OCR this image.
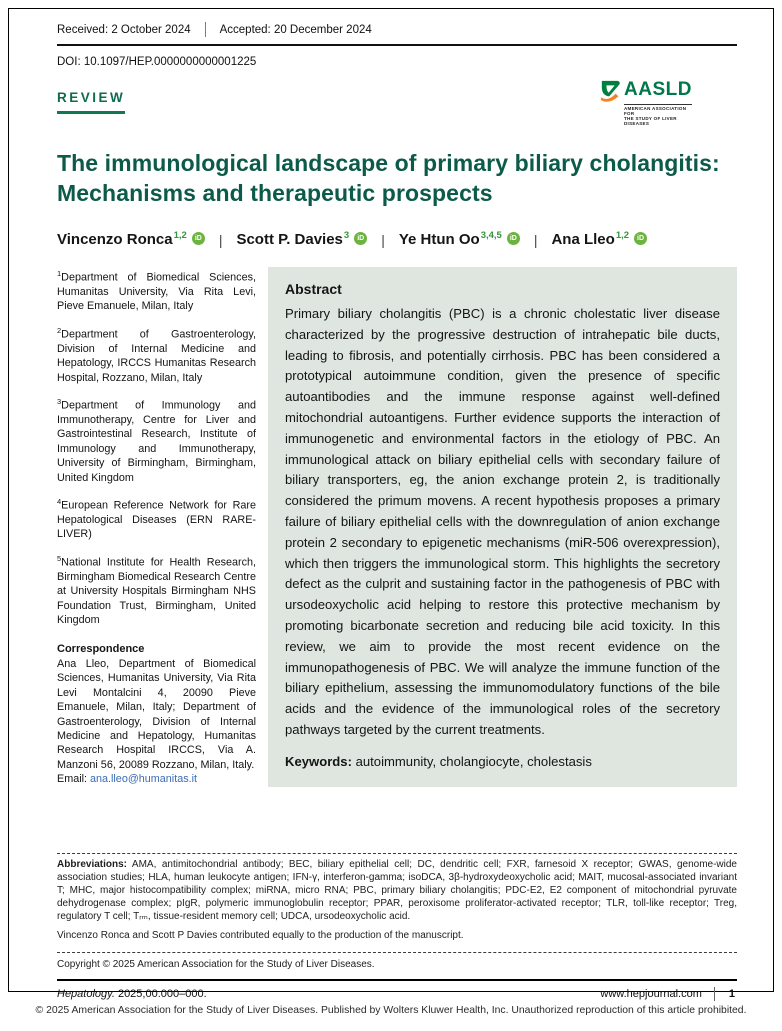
Received: 2 October 2024	Accepted: 20 December 2024
DOI: 10.1097/HEP.0000000000001225
REVIEW	AASLD
AMERICAN ASSOCIATION FOR
THE STUDY OF LIVER DISEASES
The immunological landscape of primary biliary cholangitis:
Mechanisms and therapeutic prospects
Vincenzo Ronca$^{1,2}$	iD | Scott P. Davies$^3$	iD | Ye Htun Oo$^{3,4,5}$	iD | Ana Lleo$^{1,2}$	iD

$^1$Department of Biomedical Sciences, Humanitas University, Via Rita Levi, Pieve Emanuele, Milan, Italy

$^2$Department of Gastroenterology, Division of Internal Medicine and Hepatology, IRCCS Humanitas Research Hospital, Rozzano, Milan, Italy

$^3$Department of Immunology and Immunotherapy, Centre for Liver and Gastrointestinal Research, Institute of Immunology and Immunotherapy, University of Birmingham, Birmingham, United Kingdom

$^4$European Reference Network for Rare Hepatological Diseases (ERN RARE-LIVER)

$^5$National Institute for Health Research, Birmingham Biomedical Research Centre at University Hospitals Birmingham NHS Foundation Trust, Birmingham, United Kingdom

Correspondence
Ana Lleo, Department of Biomedical Sciences, Humanitas University, Via Rita Levi Montalcini 4, 20090 Pieve Emanuele, Milan, Italy; Department of Gastroenterology, Division of Internal Medicine and Hepatology, Humanitas Research Hospital IRCCS, Via A. Manzoni 56, 20089 Rozzano, Milan, Italy.
Email: ana.lleo@humanitas.it
Abstract
Primary biliary cholangitis (PBC) is a chronic cholestatic liver disease characterized by the progressive destruction of intrahepatic bile ducts, leading to fibrosis, and potentially cirrhosis. PBC has been considered a prototypical autoimmune condition, given the presence of specific autoantibodies and the immune response against well-defined mitochondrial autoantigens. Further evidence supports the interaction of immunogenetic and environmental factors in the etiology of PBC. An immunological attack on biliary epithelial cells with secondary failure of biliary transporters, eg, the anion exchange protein 2, is traditionally considered the primum movens. A recent hypothesis proposes a primary failure of biliary epithelial cells with the downregulation of anion exchange protein 2 secondary to epigenetic mechanisms (miR-506 overexpression), which then triggers the immunological storm. This highlights the secretory defect as the culprit and sustaining factor in the pathogenesis of PBC with ursodeoxycholic acid helping to restore this protective mechanism by promoting bicarbonate secretion and reducing bile acid toxicity. In this review, we aim to provide the most recent evidence on the immunopathogenesis of PBC. We will analyze the immune function of the biliary epithelium, assessing the immunomodulatory functions of the bile acids and the evidence of the immunological roles of the secretory pathways targeted by the current treatments.
Keywords: autoimmunity, cholangiocyte, cholestasis
Abbreviations: AMA, antimitochondrial antibody; BEC, biliary epithelial cell; DC, dendritic cell; FXR, farnesoid X receptor; GWAS, genome-wide association studies; HLA, human leukocyte antigen; IFN-γ, interferon-gamma; isoDCA, 3β-hydroxydeoxycholic acid; MAIT, mucosal-associated invariant T; MHC, major histocompatibility complex; miRNA, micro RNA; PBC, primary biliary cholangitis; PDC-E2, E2 component of mitochondrial pyruvate dehydrogenase complex; pIgR, polymeric immunoglobulin receptor; PPAR, peroxisome proliferator-activated receptor; TLR, toll-like receptor; Treg, regulatory T cell; Tᵣₘ, tissue-resident memory cell; UDCA, ursodeoxycholic acid.
Vincenzo Ronca and Scott P Davies contributed equally to the production of the manuscript.
Copyright © 2025 American Association for the Study of Liver Diseases.
Hepatology. 2025;00:000–000.	www.hepjournal.com 1
© 2025 American Association for the Study of Liver Diseases. Published by Wolters Kluwer Health, Inc. Unauthorized reproduction of this article prohibited.
